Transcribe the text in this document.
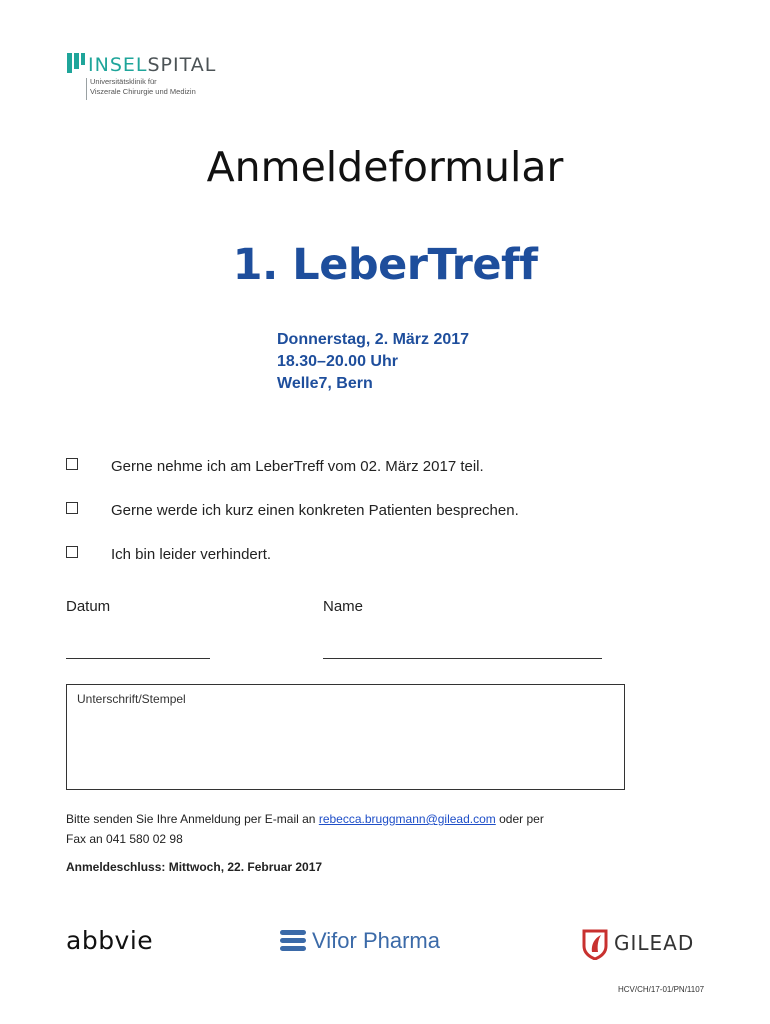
INSELSPITAL
Universitätsklinik für
Viszerale Chirurgie und Medizin
Anmeldeformular
1. LeberTreff
Donnerstag, 2. März 2017
18.30–20.00 Uhr
Welle7, Bern
Gerne nehme ich am LeberTreff vom 02. März 2017 teil.
Gerne werde ich kurz einen konkreten Patienten besprechen.
Ich bin leider verhindert.
Datum	Name
Unterschrift/Stempel
Bitte senden Sie Ihre Anmeldung per E-mail an rebecca.bruggmann@gilead.com oder per
Fax an 041 580 02 98
Anmeldeschluss: Mittwoch, 22. Februar 2017
abbvie	Vifor Pharma	GILEAD
HCV/CH/17-01/PN/1107
